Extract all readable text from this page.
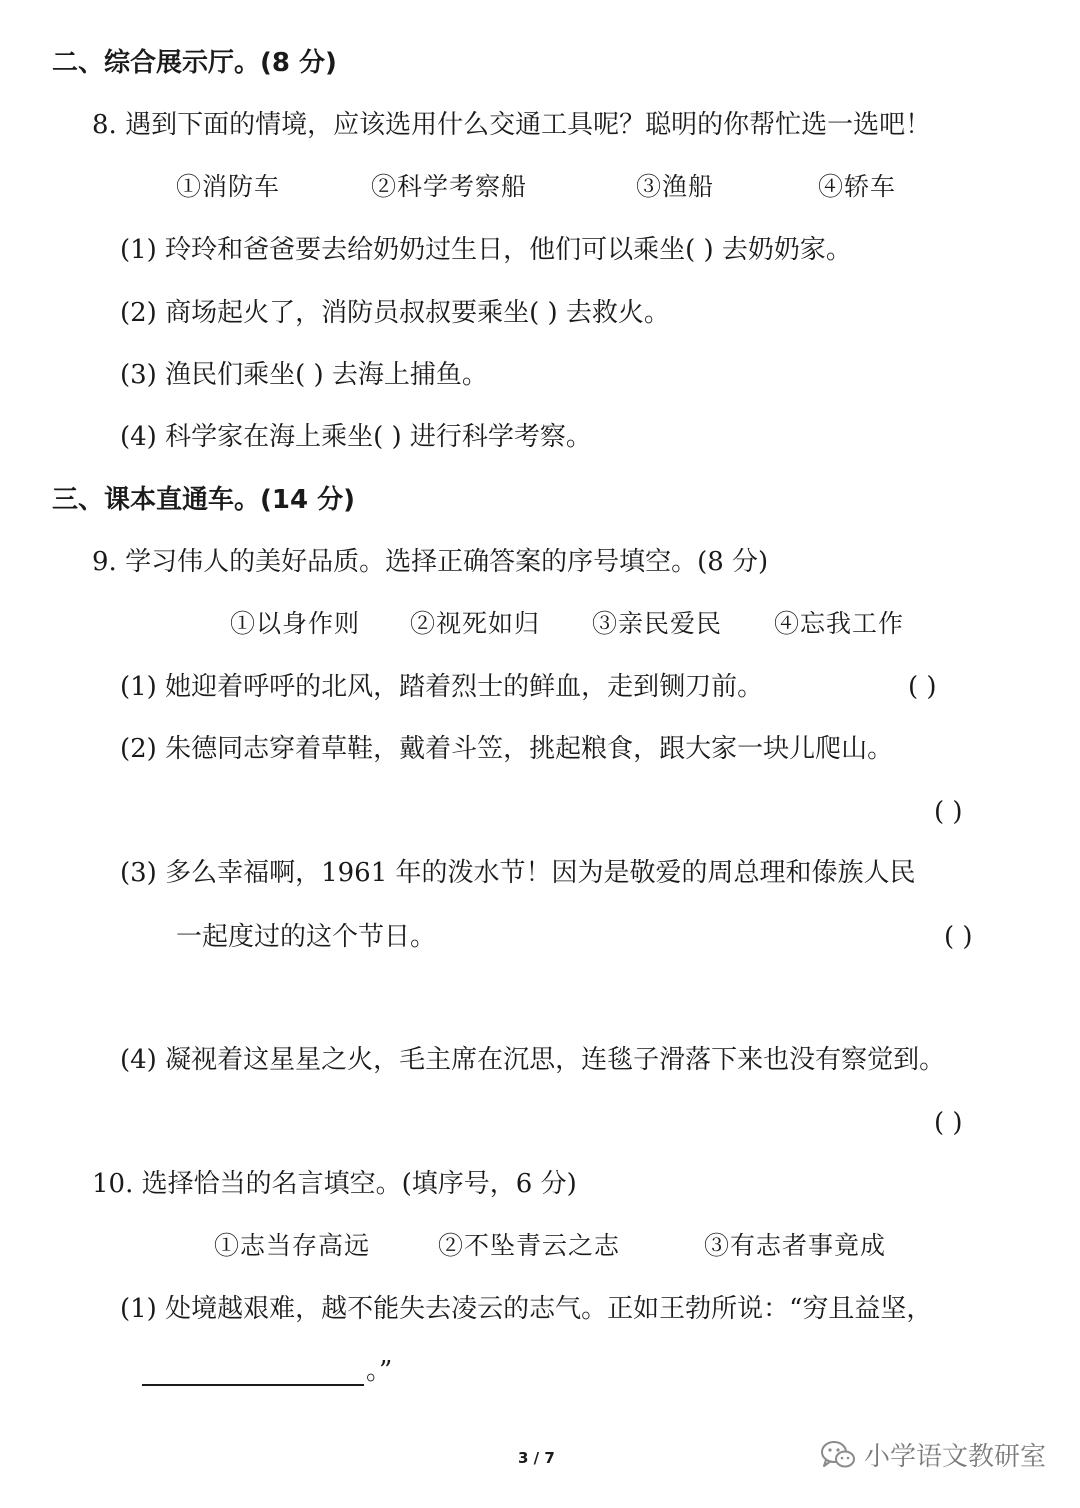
二、综合展示厅。(8 分)
8. 遇到下面的情境，应该选用什么交通工具呢？聪明的你帮忙选一选吧！
①消防车	②科学考察船	③渔船	④轿车
(1) 玲玲和爸爸要去给奶奶过生日，他们可以乘坐( ) 去奶奶家。
(2) 商场起火了，消防员叔叔要乘坐( ) 去救火。
(3) 渔民们乘坐( ) 去海上捕鱼。
(4) 科学家在海上乘坐( ) 进行科学考察。
三、课本直通车。(14 分)
9. 学习伟人的美好品质。选择正确答案的序号填空。(8 分)
①以身作则 ②视死如归 ③亲民爱民 ④忘我工作
(1) 她迎着呼呼的北风，踏着烈士的鲜血，走到铡刀前。	( )
(2) 朱德同志穿着草鞋，戴着斗笠，挑起粮食，跟大家一块儿爬山。
( )
(3) 多么幸福啊，1961 年的泼水节！因为是敬爱的周总理和傣族人民
一起度过的这个节日。	( )
(4) 凝视着这星星之火，毛主席在沉思，连毯子滑落下来也没有察觉到。
( )
10. 选择恰当的名言填空。(填序号，6 分)
①志当存高远	②不坠青云之志	③有志者事竟成
(1) 处境越艰难，越不能失去凌云的志气。正如王勃所说：“穷且益坚，
。”
3 / 7	小学语文教研室
